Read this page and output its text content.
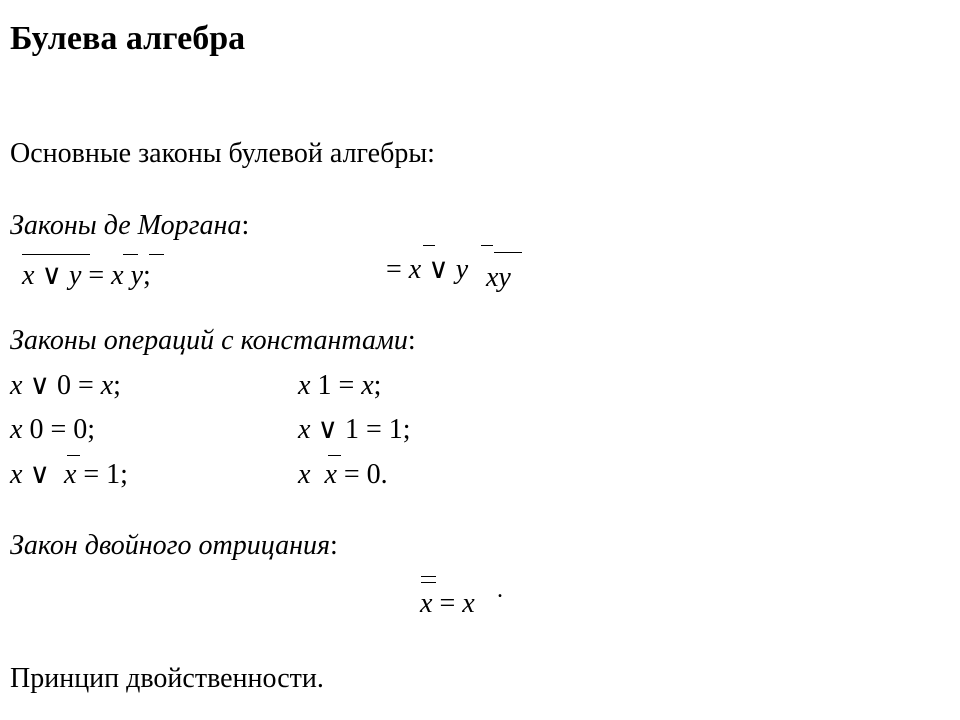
Булева алгебра
Основные законы булевой алгебры:
Законы де Моргана:
x ∨ y = x y;	= x ∨ y xy
Законы операций с константами:
x ∨ 0 = x;
x 0 = 0;
x ∨ x = 1;
x 1 = x;
x ∨ 1 = 1;
x x = 0.
Закон двойного отрицания:
x = x .
Принцип двойственности.
